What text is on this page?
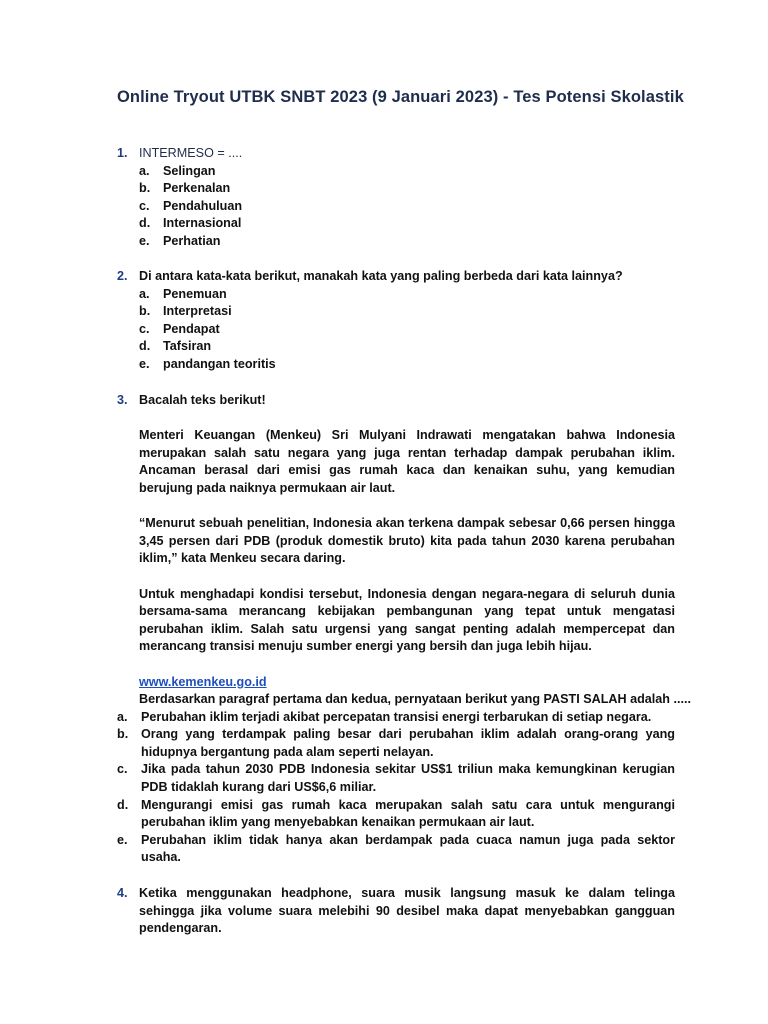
Online Tryout UTBK SNBT 2023 (9 Januari 2023) - Tes Potensi Skolastik
1. INTERMESO = ....
a.	Selingan
b.	Perkenalan
c.	Pendahuluan
d.	Internasional
e.	Perhatian
2. Di antara kata-kata berikut, manakah kata yang paling berbeda dari kata lainnya?
a.	Penemuan
b.	Interpretasi
c.	Pendapat
d.	Tafsiran
e.	pandangan teoritis
3. Bacalah teks berikut!
Menteri Keuangan (Menkeu) Sri Mulyani Indrawati mengatakan bahwa Indonesia merupakan salah satu negara yang juga rentan terhadap dampak perubahan iklim. Ancaman berasal dari emisi gas rumah kaca dan kenaikan suhu, yang kemudian berujung pada naiknya permukaan air laut.
“Menurut sebuah penelitian, Indonesia akan terkena dampak sebesar 0,66 persen hingga 3,45 persen dari PDB (produk domestik bruto) kita pada tahun 2030 karena perubahan iklim,” kata Menkeu secara daring.
Untuk menghadapi kondisi tersebut, Indonesia dengan negara-negara di seluruh dunia bersama-sama merancang kebijakan pembangunan yang tepat untuk mengatasi perubahan iklim. Salah satu urgensi yang sangat penting adalah mempercepat dan merancang transisi menuju sumber energi yang bersih dan juga lebih hijau.
www.kemenkeu.go.id
Berdasarkan paragraf pertama dan kedua, pernyataan berikut yang PASTI SALAH adalah .....
a.	Perubahan iklim terjadi akibat percepatan transisi energi terbarukan di setiap negara.
b.	Orang yang terdampak paling besar dari perubahan iklim adalah orang-orang yang hidupnya bergantung pada alam seperti nelayan.
c.	Jika pada tahun 2030 PDB Indonesia sekitar US$1 triliun maka kemungkinan kerugian PDB tidaklah kurang dari US$6,6 miliar.
d.	Mengurangi emisi gas rumah kaca merupakan salah satu cara untuk mengurangi perubahan iklim yang menyebabkan kenaikan permukaan air laut.
e.	Perubahan iklim tidak hanya akan berdampak pada cuaca namun juga pada sektor usaha.
4. Ketika menggunakan headphone, suara musik langsung masuk ke dalam telinga sehingga jika volume suara melebihi 90 desibel maka dapat menyebabkan gangguan pendengaran.
